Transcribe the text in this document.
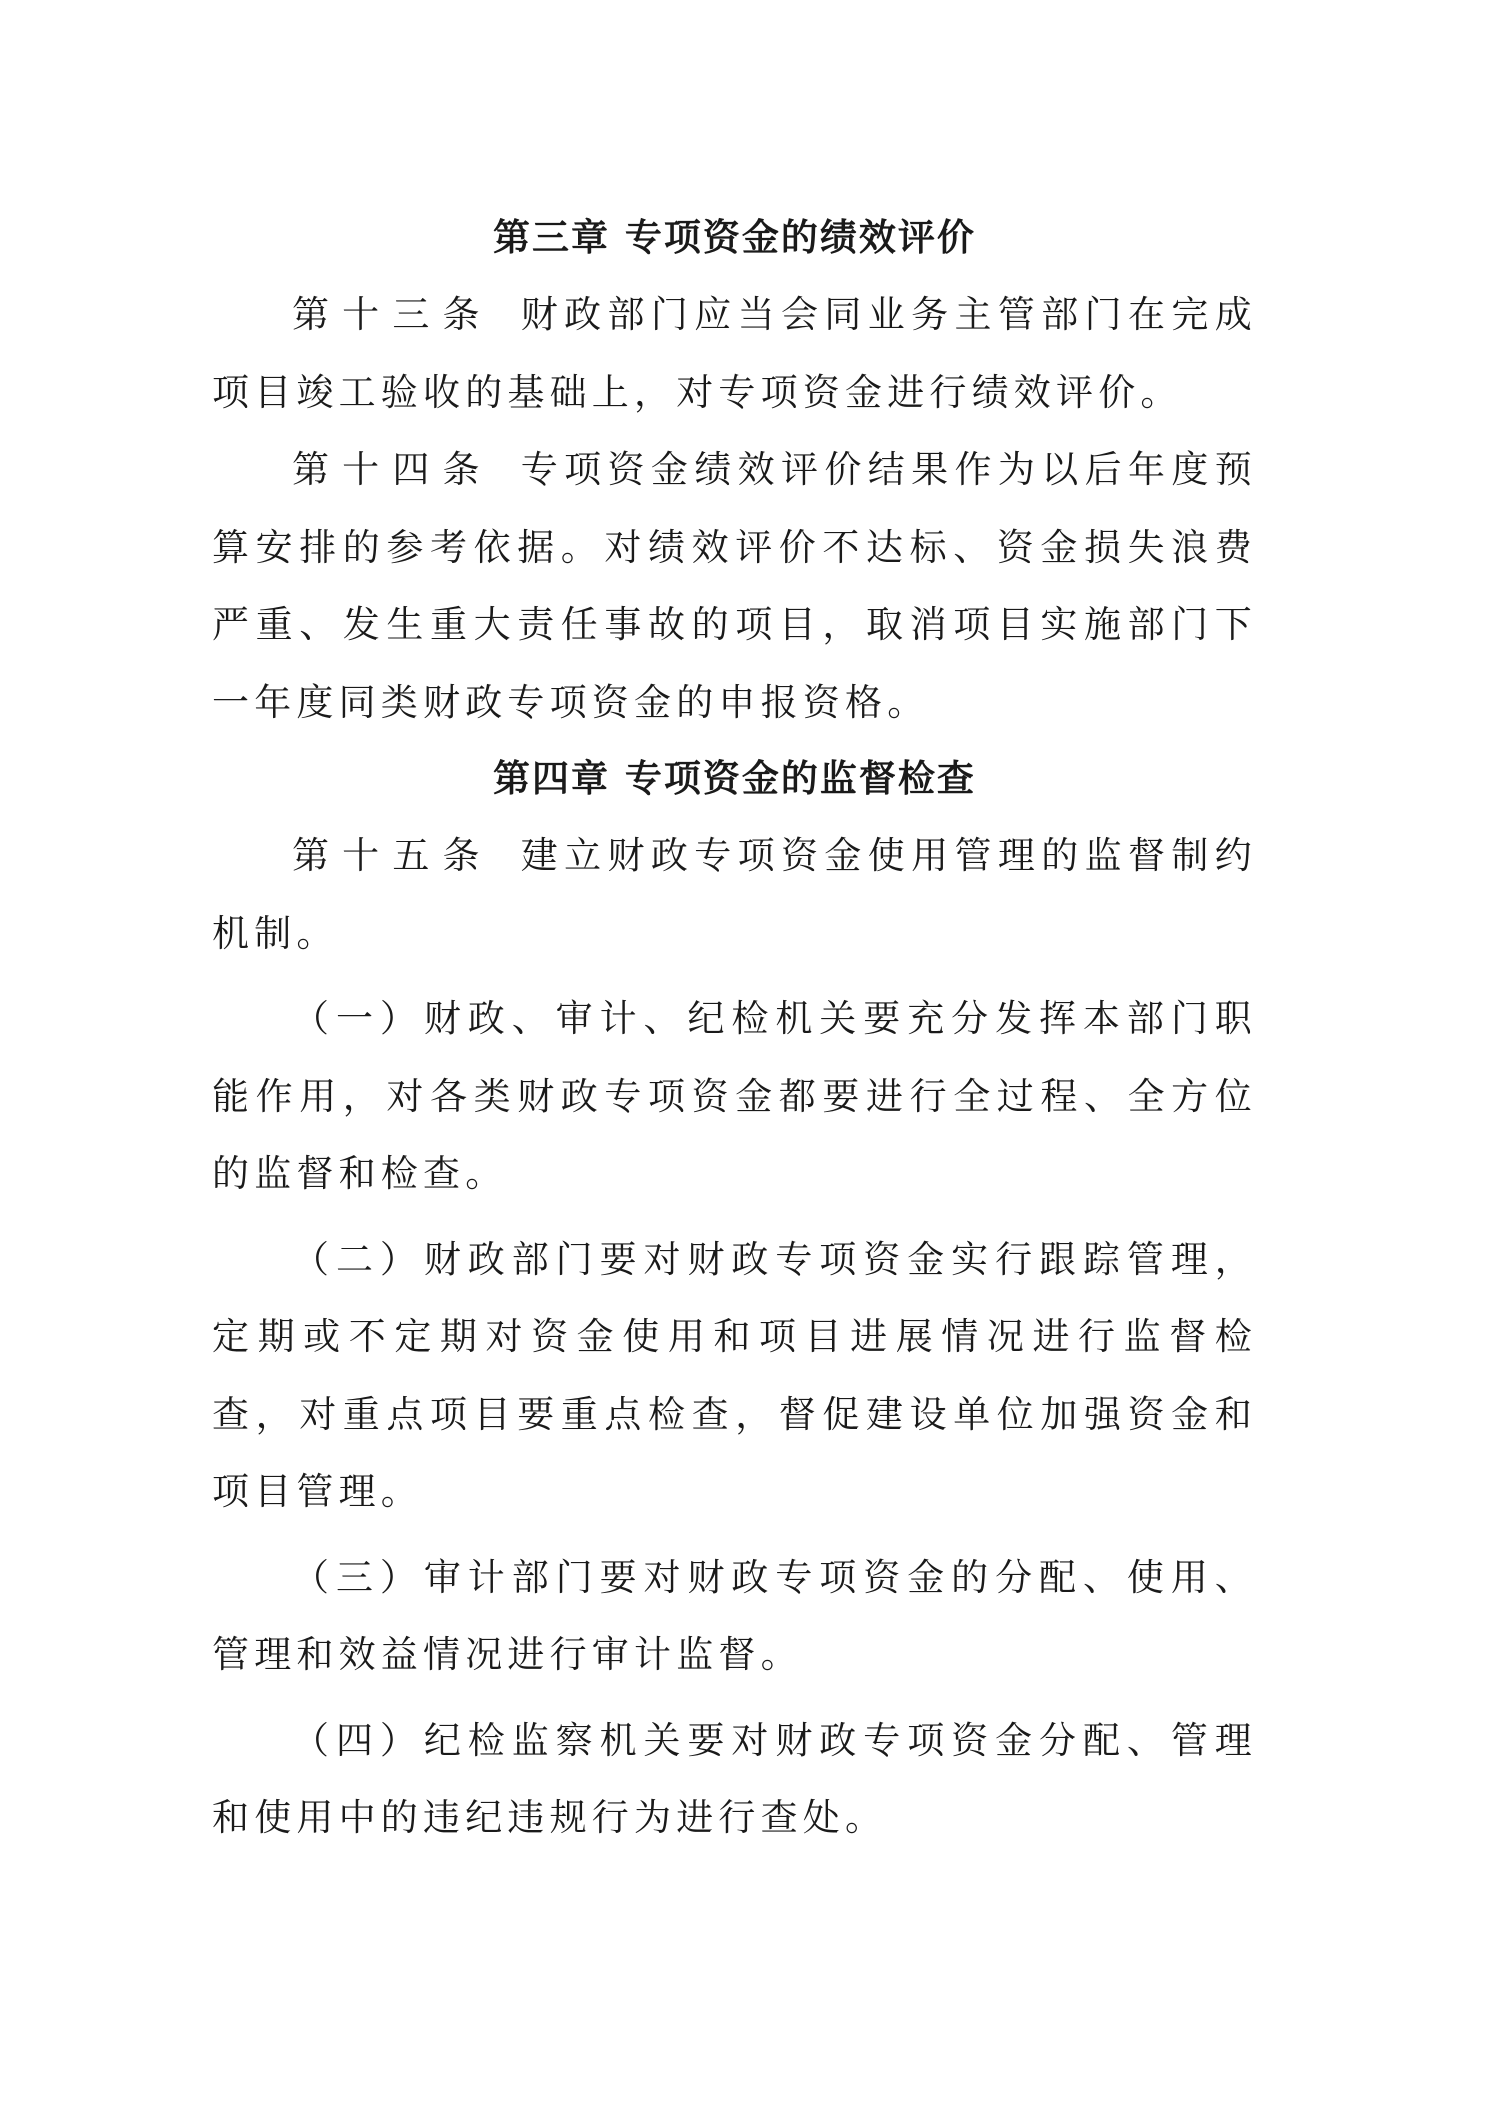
第三章 专项资金的绩效评价

第十三条 财政部门应当会同业务主管部门在完成项目竣工验收的基础上，对专项资金进行绩效评价。

第十四条 专项资金绩效评价结果作为以后年度预算安排的参考依据。对绩效评价不达标、资金损失浪费严重、发生重大责任事故的项目，取消项目实施部门下一年度同类财政专项资金的申报资格。

第四章 专项资金的监督检查

第十五条 建立财政专项资金使用管理的监督制约机制。

（一）财政、审计、纪检机关要充分发挥本部门职能作用，对各类财政专项资金都要进行全过程、全方位的监督和检查。

（二）财政部门要对财政专项资金实行跟踪管理，定期或不定期对资金使用和项目进展情况进行监督检查，对重点项目要重点检查，督促建设单位加强资金和项目管理。

（三）审计部门要对财政专项资金的分配、使用、管理和效益情况进行审计监督。

（四）纪检监察机关要对财政专项资金分配、管理和使用中的违纪违规行为进行查处。
